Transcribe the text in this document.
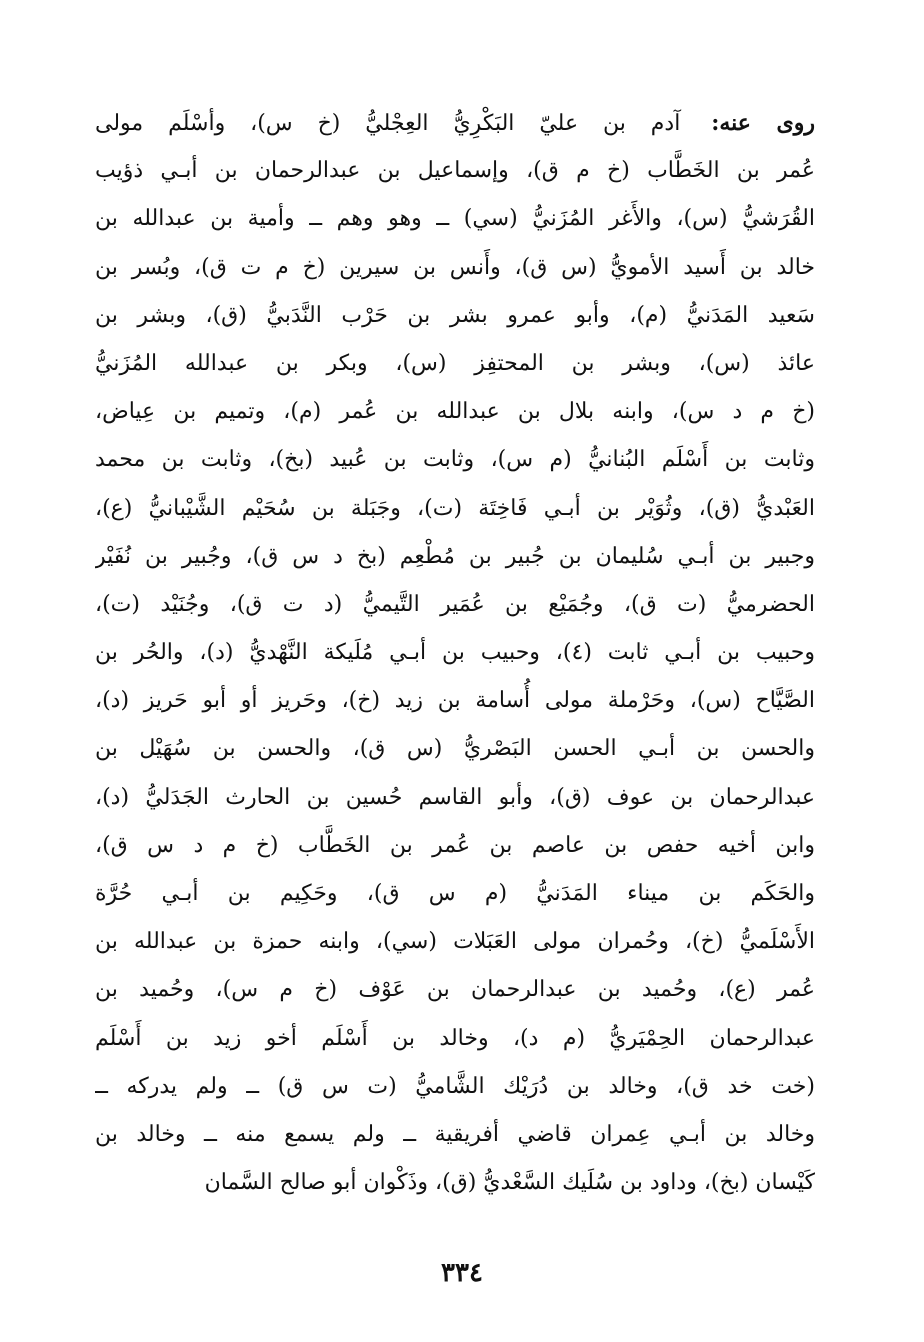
روى عنه: آدم بن عليّ البَكْرِيُّ العِجْليُّ (خ س)، وأسْلَم مولى
عُمر بن الخَطَّاب (خ م ق)، وإسماعيل بن عبدالرحمان بن أبـي ذؤيب
القُرَشيُّ (س)، والأَغر المُزَنيُّ (سي) ــ وهو وهم ــ وأمية بن عبدالله بن
خالد بن أَسيد الأمويُّ (س ق)، وأَنس بن سيرين (خ م ت ق)، وبُسر بن
سَعيد المَدَنيُّ (م)، وأبو عمرو بشر بن حَرْب النَّدَبيُّ (ق)، وبشر بن
عائذ (س)، وبشر بن المحتفِز (س)، وبكر بن عبدالله المُزَنيُّ
(خ م د س)، وابنه بلال بن عبدالله بن عُمر (م)، وتميم بن عِياض،
وثابت بن أَسْلَم البُنانيُّ (م س)، وثابت بن عُبيد (بخ)، وثابت بن محمد
العَبْديُّ (ق)، وثُوَيْر بن أبـي فَاخِتَة (ت)، وجَبَلة بن سُحَيْم الشَّيْبانيُّ (ع)،
وجبير بن أبـي سُليمان بن جُبير بن مُطْعِم (بخ د س ق)، وجُبير بن نُفَيْر
الحضرميُّ (ت ق)، وجُمَيْع بن عُمَير التَّيميُّ (د ت ق)، وجُنَيْد (ت)،
وحبيب بن أبـي ثابت (٤)، وحبيب بن أبـي مُلَيكة النَّهْديُّ (د)، والحُر بن
الصَّيَّاح (س)، وحَرْملة مولى أُسامة بن زيد (خ)، وحَريز أو أبو حَريز (د)،
والحسن بن أبـي الحسن البَصْريُّ (س ق)، والحسن بن سُهَيْل بن
عبدالرحمان بن عوف (ق)، وأبو القاسم حُسين بن الحارث الجَدَليُّ (د)،
وابن أخيه حفص بن عاصم بن عُمر بن الخَطَّاب (خ م د س ق)،
والحَكَم بن ميناء المَدَنيُّ (م س ق)، وحَكِيم بن أبـي حُرَّة
الأَسْلَميُّ (خ)، وحُمران مولى العَبَلات (سي)، وابنه حمزة بن عبدالله بن
عُمر (ع)، وحُميد بن عبدالرحمان بن عَوْف (خ م س)، وحُميد بن
عبدالرحمان الحِمْيَريُّ (م د)، وخالد بن أَسْلَم أخو زيد بن أَسْلَم
(خت خد ق)، وخالد بن دُرَيْك الشَّاميُّ (ت س ق) ــ ولم يدركه ــ
وخالد بن أبـي عِمران قاضي أفريقية ــ ولم يسمع منه ــ وخالد بن
كَيْسان (بخ)، وداود بن سُلَيك السَّعْديُّ (ق)، وذَكْوان أبو صالح السَّمان
٣٣٤
